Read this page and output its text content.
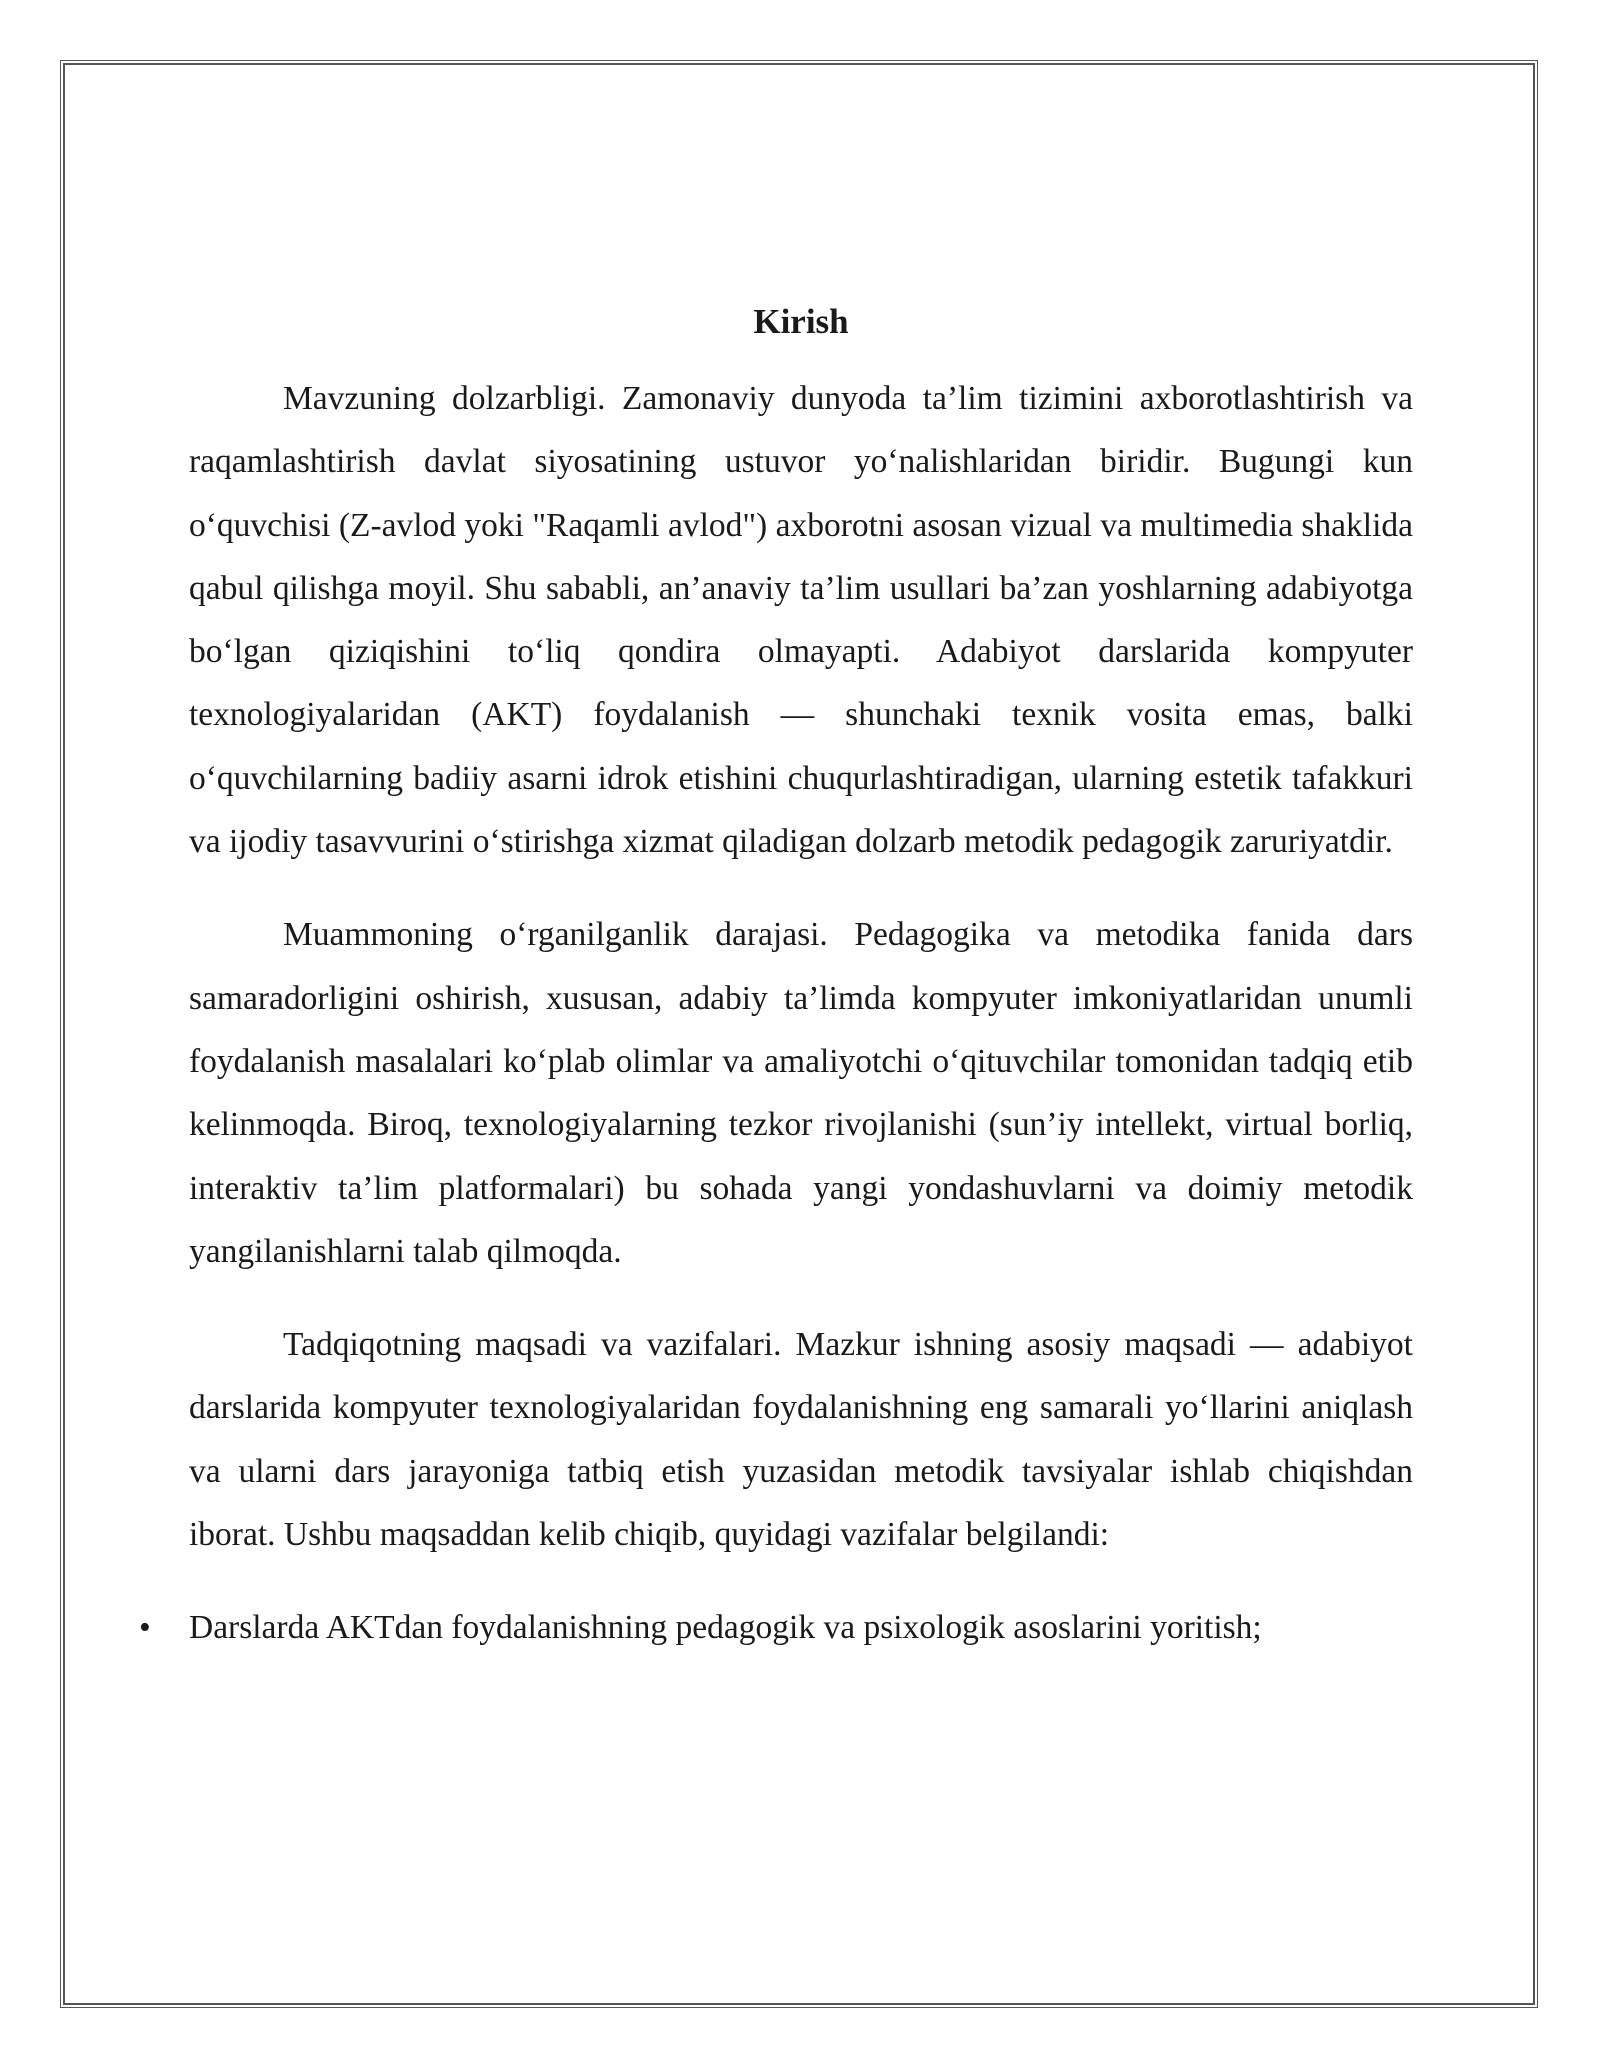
Kirish

Mavzuning dolzarbligi. Zamonaviy dunyoda ta’lim tizimini axborotlashtirish va raqamlashtirish davlat siyosatining ustuvor yo‘nalishlaridan biridir. Bugungi kun o‘quvchisi (Z-avlod yoki "Raqamli avlod") axborotni asosan vizual va multimedia shaklida qabul qilishga moyil. Shu sababli, an’anaviy ta’lim usullari ba’zan yoshlarning adabiyotga bo‘lgan qiziqishini to‘liq qondira olmayapti. Adabiyot darslarida kompyuter texnologiyalaridan (AKT) foydalanish — shunchaki texnik vosita emas, balki o‘quvchilarning badiiy asarni idrok etishini chuqurlashtiradigan, ularning estetik tafakkuri va ijodiy tasavvurini o‘stirishga xizmat qiladigan dolzarb metodik pedagogik zaruriyatdir.

Muammoning o‘rganilganlik darajasi. Pedagogika va metodika fanida dars samaradorligini oshirish, xususan, adabiy ta’limda kompyuter imkoniyatlaridan unumli foydalanish masalalari ko‘plab olimlar va amaliyotchi o‘qituvchilar tomonidan tadqiq etib kelinmoqda. Biroq, texnologiyalarning tezkor rivojlanishi (sun’iy intellekt, virtual borliq, interaktiv ta’lim platformalari) bu sohada yangi yondashuvlarni va doimiy metodik yangilanishlarni talab qilmoqda.

Tadqiqotning maqsadi va vazifalari. Mazkur ishning asosiy maqsadi — adabiyot darslarida kompyuter texnologiyalaridan foydalanishning eng samarali yo‘llarini aniqlash va ularni dars jarayoniga tatbiq etish yuzasidan metodik tavsiyalar ishlab chiqishdan iborat. Ushbu maqsaddan kelib chiqib, quyidagi vazifalar belgilandi:

• Darslarda AKTdan foydalanishning pedagogik va psixologik asoslarini yoritish;
